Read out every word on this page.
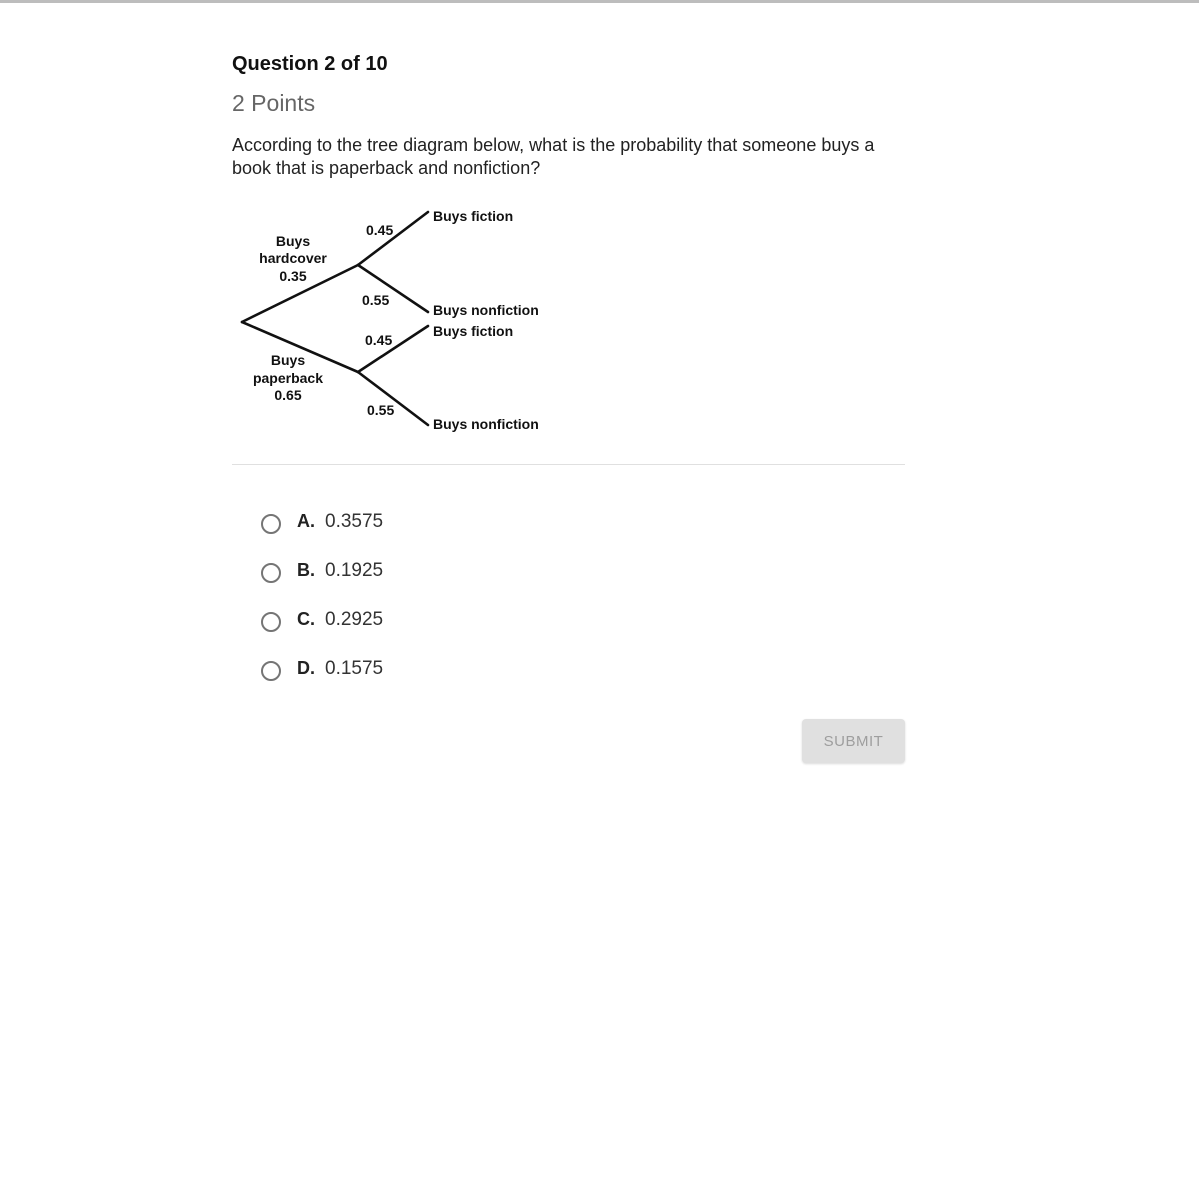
Question 2 of 10
2 Points
According to the tree diagram below, what is the probability that someone buys a book that is paperback and nonfiction?
Buys
hardcover
0.35
Buys
paperback
0.65
0.45
0.55
0.45
0.55
Buys fiction
Buys nonfiction
Buys fiction
Buys nonfiction
A. 0.3575
B. 0.1925
C. 0.2925
D. 0.1575
SUBMIT
